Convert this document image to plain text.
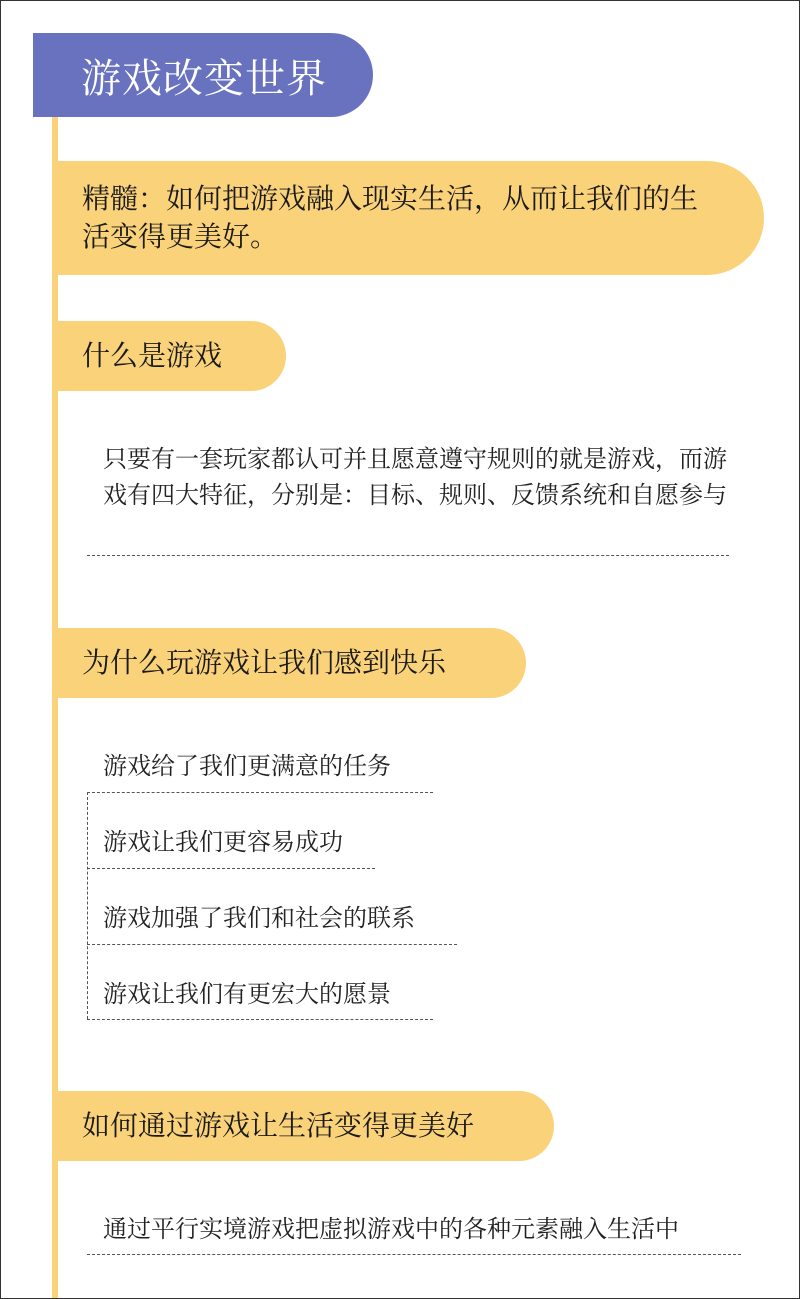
游戏改变世界
精髓：如何把游戏融入现实生活，从而让我们的生活变得更美好。
什么是游戏
只要有一套玩家都认可并且愿意遵守规则的就是游戏，而游戏有四大特征，分别是：目标、规则、反馈系统和自愿参与
为什么玩游戏让我们感到快乐
游戏给了我们更满意的任务
游戏让我们更容易成功
游戏加强了我们和社会的联系
游戏让我们有更宏大的愿景
如何通过游戏让生活变得更美好
通过平行实境游戏把虚拟游戏中的各种元素融入生活中
